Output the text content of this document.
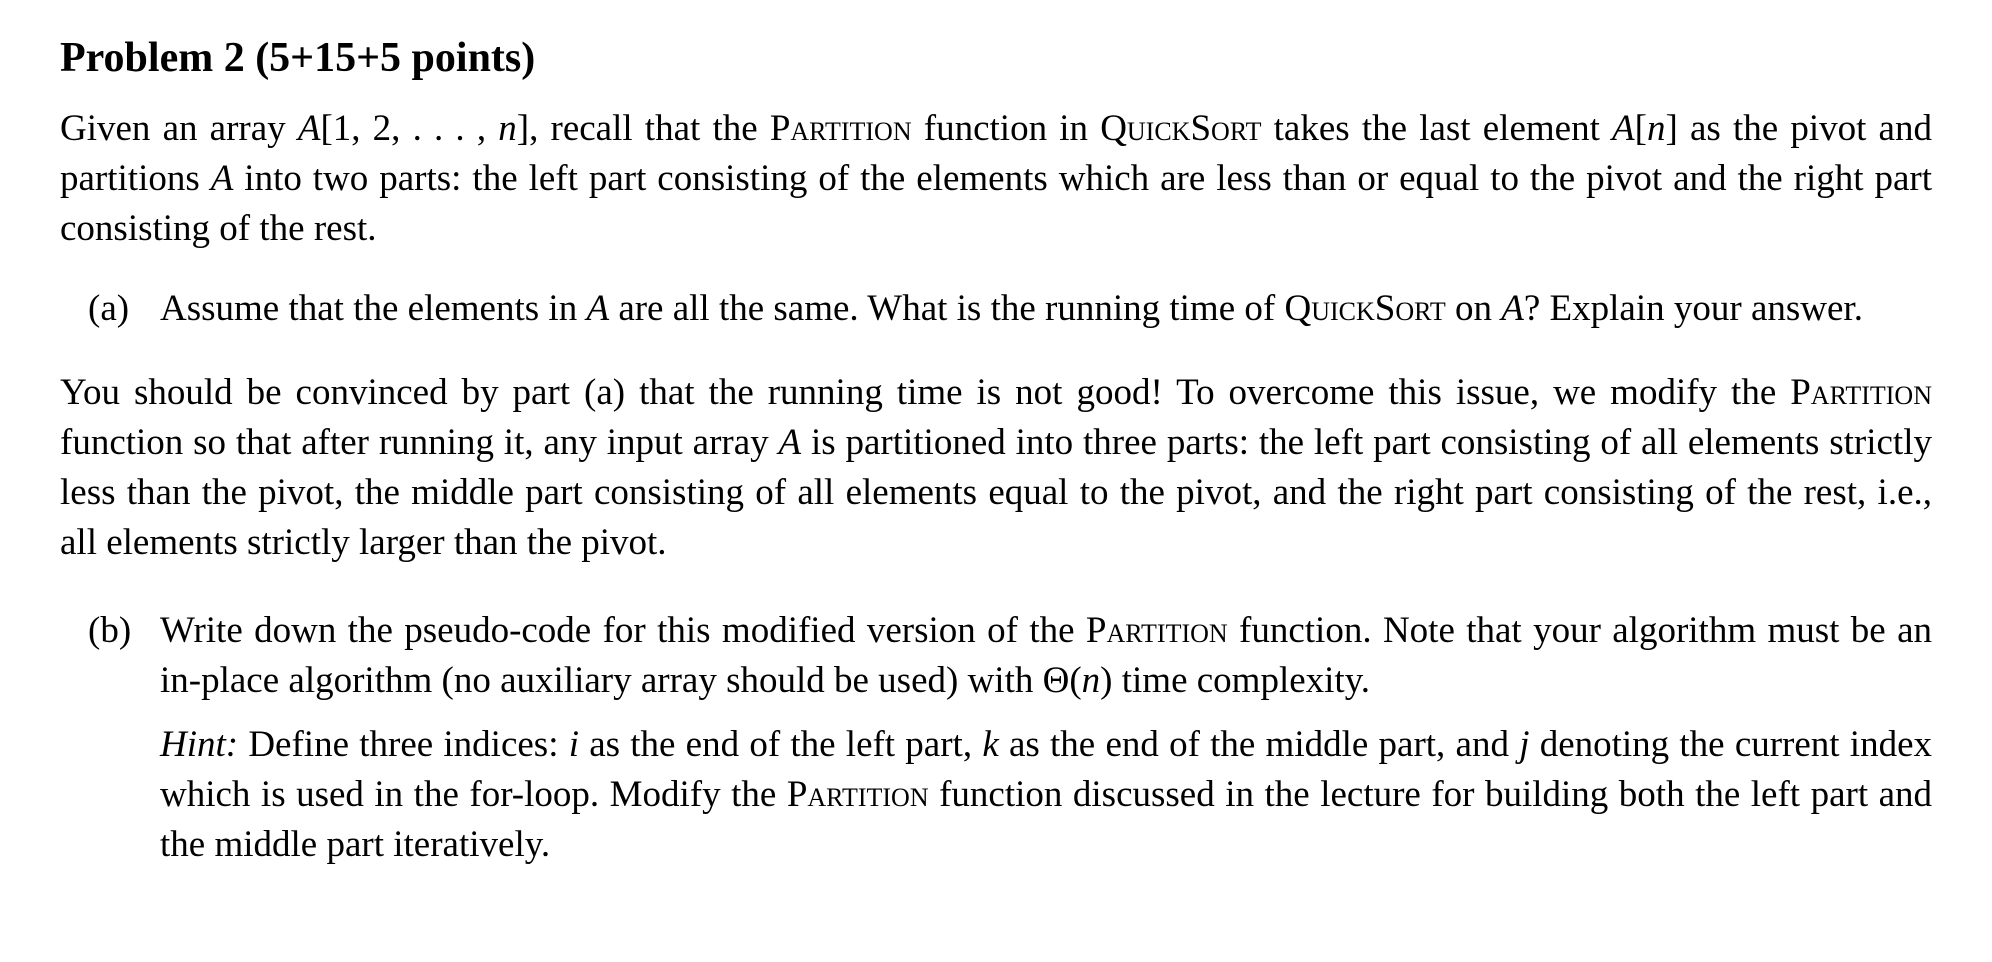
Problem 2 (5+15+5 points)

Given an array A[1, 2, . . . , n], recall that the Partition function in QuickSort takes the last element A[n] as the pivot and partitions A into two parts: the left part consisting of the elements which are less than or equal to the pivot and the right part consisting of the rest.

(a) Assume that the elements in A are all the same. What is the running time of QuickSort on A? Explain your answer.

You should be convinced by part (a) that the running time is not good! To overcome this issue, we modify the Partition function so that after running it, any input array A is partitioned into three parts: the left part consisting of all elements strictly less than the pivot, the middle part consisting of all elements equal to the pivot, and the right part consisting of the rest, i.e., all elements strictly larger than the pivot.

(b) Write down the pseudo-code for this modified version of the Partition function. Note that your algorithm must be an in-place algorithm (no auxiliary array should be used) with Θ(n) time complexity.
Hint: Define three indices: i as the end of the left part, k as the end of the middle part, and j denoting the current index which is used in the for-loop. Modify the Partition function discussed in the lecture for building both the left part and the middle part iteratively.
